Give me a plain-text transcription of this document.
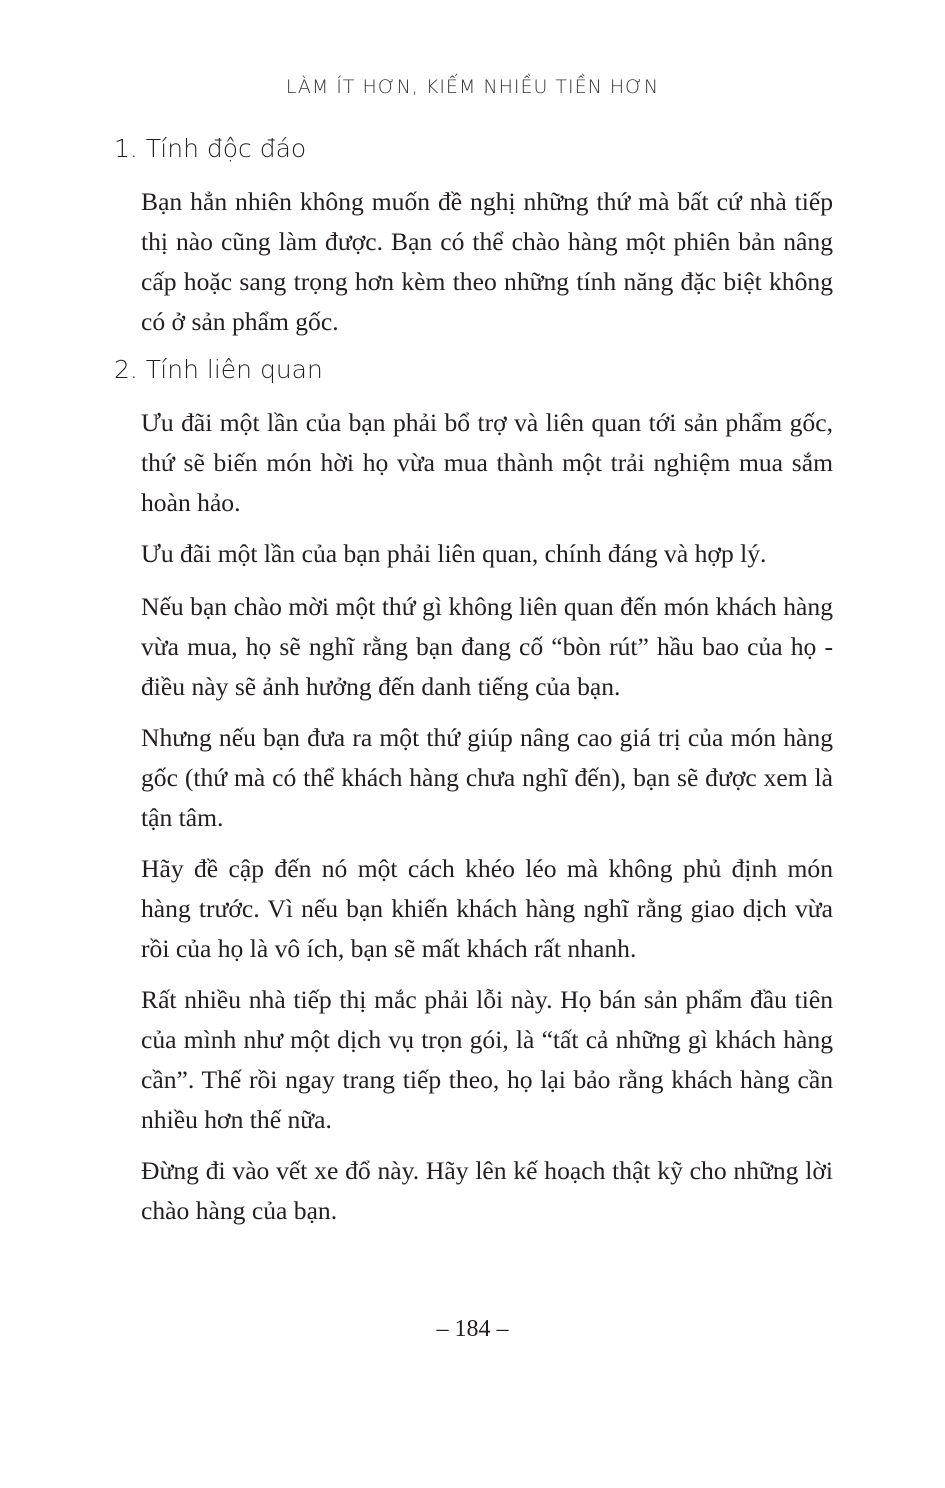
LÀM ÍT HƠN, KIẾM NHIỀU TIỀN HƠN
1. Tính độc đáo

Bạn hẳn nhiên không muốn đề nghị những thứ mà bất cứ nhà tiếp thị nào cũng làm được. Bạn có thể chào hàng một phiên bản nâng cấp hoặc sang trọng hơn kèm theo những tính năng đặc biệt không có ở sản phẩm gốc.

2. Tính liên quan

Ưu đãi một lần của bạn phải bổ trợ và liên quan tới sản phẩm gốc, thứ sẽ biến món hời họ vừa mua thành một trải nghiệm mua sắm hoàn hảo.

Ưu đãi một lần của bạn phải liên quan, chính đáng và hợp lý.

Nếu bạn chào mời một thứ gì không liên quan đến món khách hàng vừa mua, họ sẽ nghĩ rằng bạn đang cố “bòn rút” hầu bao của họ - điều này sẽ ảnh hưởng đến danh tiếng của bạn.

Nhưng nếu bạn đưa ra một thứ giúp nâng cao giá trị của món hàng gốc (thứ mà có thể khách hàng chưa nghĩ đến), bạn sẽ được xem là tận tâm.

Hãy đề cập đến nó một cách khéo léo mà không phủ định món hàng trước. Vì nếu bạn khiến khách hàng nghĩ rằng giao dịch vừa rồi của họ là vô ích, bạn sẽ mất khách rất nhanh.

Rất nhiều nhà tiếp thị mắc phải lỗi này. Họ bán sản phẩm đầu tiên của mình như một dịch vụ trọn gói, là “tất cả những gì khách hàng cần”. Thế rồi ngay trang tiếp theo, họ lại bảo rằng khách hàng cần nhiều hơn thế nữa.

Đừng đi vào vết xe đổ này. Hãy lên kế hoạch thật kỹ cho những lời chào hàng của bạn.

– 184 –
